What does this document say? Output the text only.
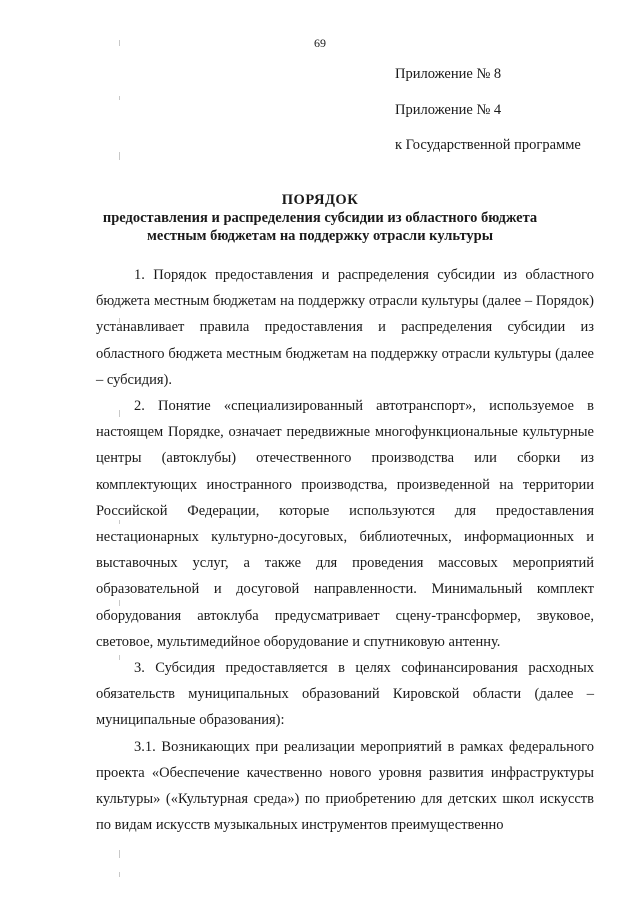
69
Приложение № 8
Приложение № 4
к Государственной программе
ПОРЯДОК
предоставления и распределения субсидии из областного бюджета
местным бюджетам на поддержку отрасли культуры

1. Порядок предоставления и распределения субсидии из областного бюджета местным бюджетам на поддержку отрасли культуры (далее – Порядок) устанавливает правила предоставления и распределения субсидии из областного бюджета местным бюджетам на поддержку отрасли культуры (далее – субсидия).

2. Понятие «специализированный автотранспорт», используемое в настоящем Порядке, означает передвижные многофункциональные культурные центры (автоклубы) отечественного производства или сборки из комплектующих иностранного производства, произведенной на территории Российской Федерации, которые используются для предоставления нестационарных культурно-досуговых, библиотечных, информационных и выставочных услуг, а также для проведения массовых мероприятий образовательной и досуговой направленности. Минимальный комплект оборудования автоклуба предусматривает сцену-трансформер, звуковое, световое, мультимедийное оборудование и спутниковую антенну.

3. Субсидия предоставляется в целях софинансирования расходных обязательств муниципальных образований Кировской области (далее – муниципальные образования):

3.1. Возникающих при реализации мероприятий в рамках федерального проекта «Обеспечение качественно нового уровня развития инфраструктуры культуры» («Культурная среда») по приобретению для детских школ искусств по видам искусств музыкальных инструментов преимущественно
